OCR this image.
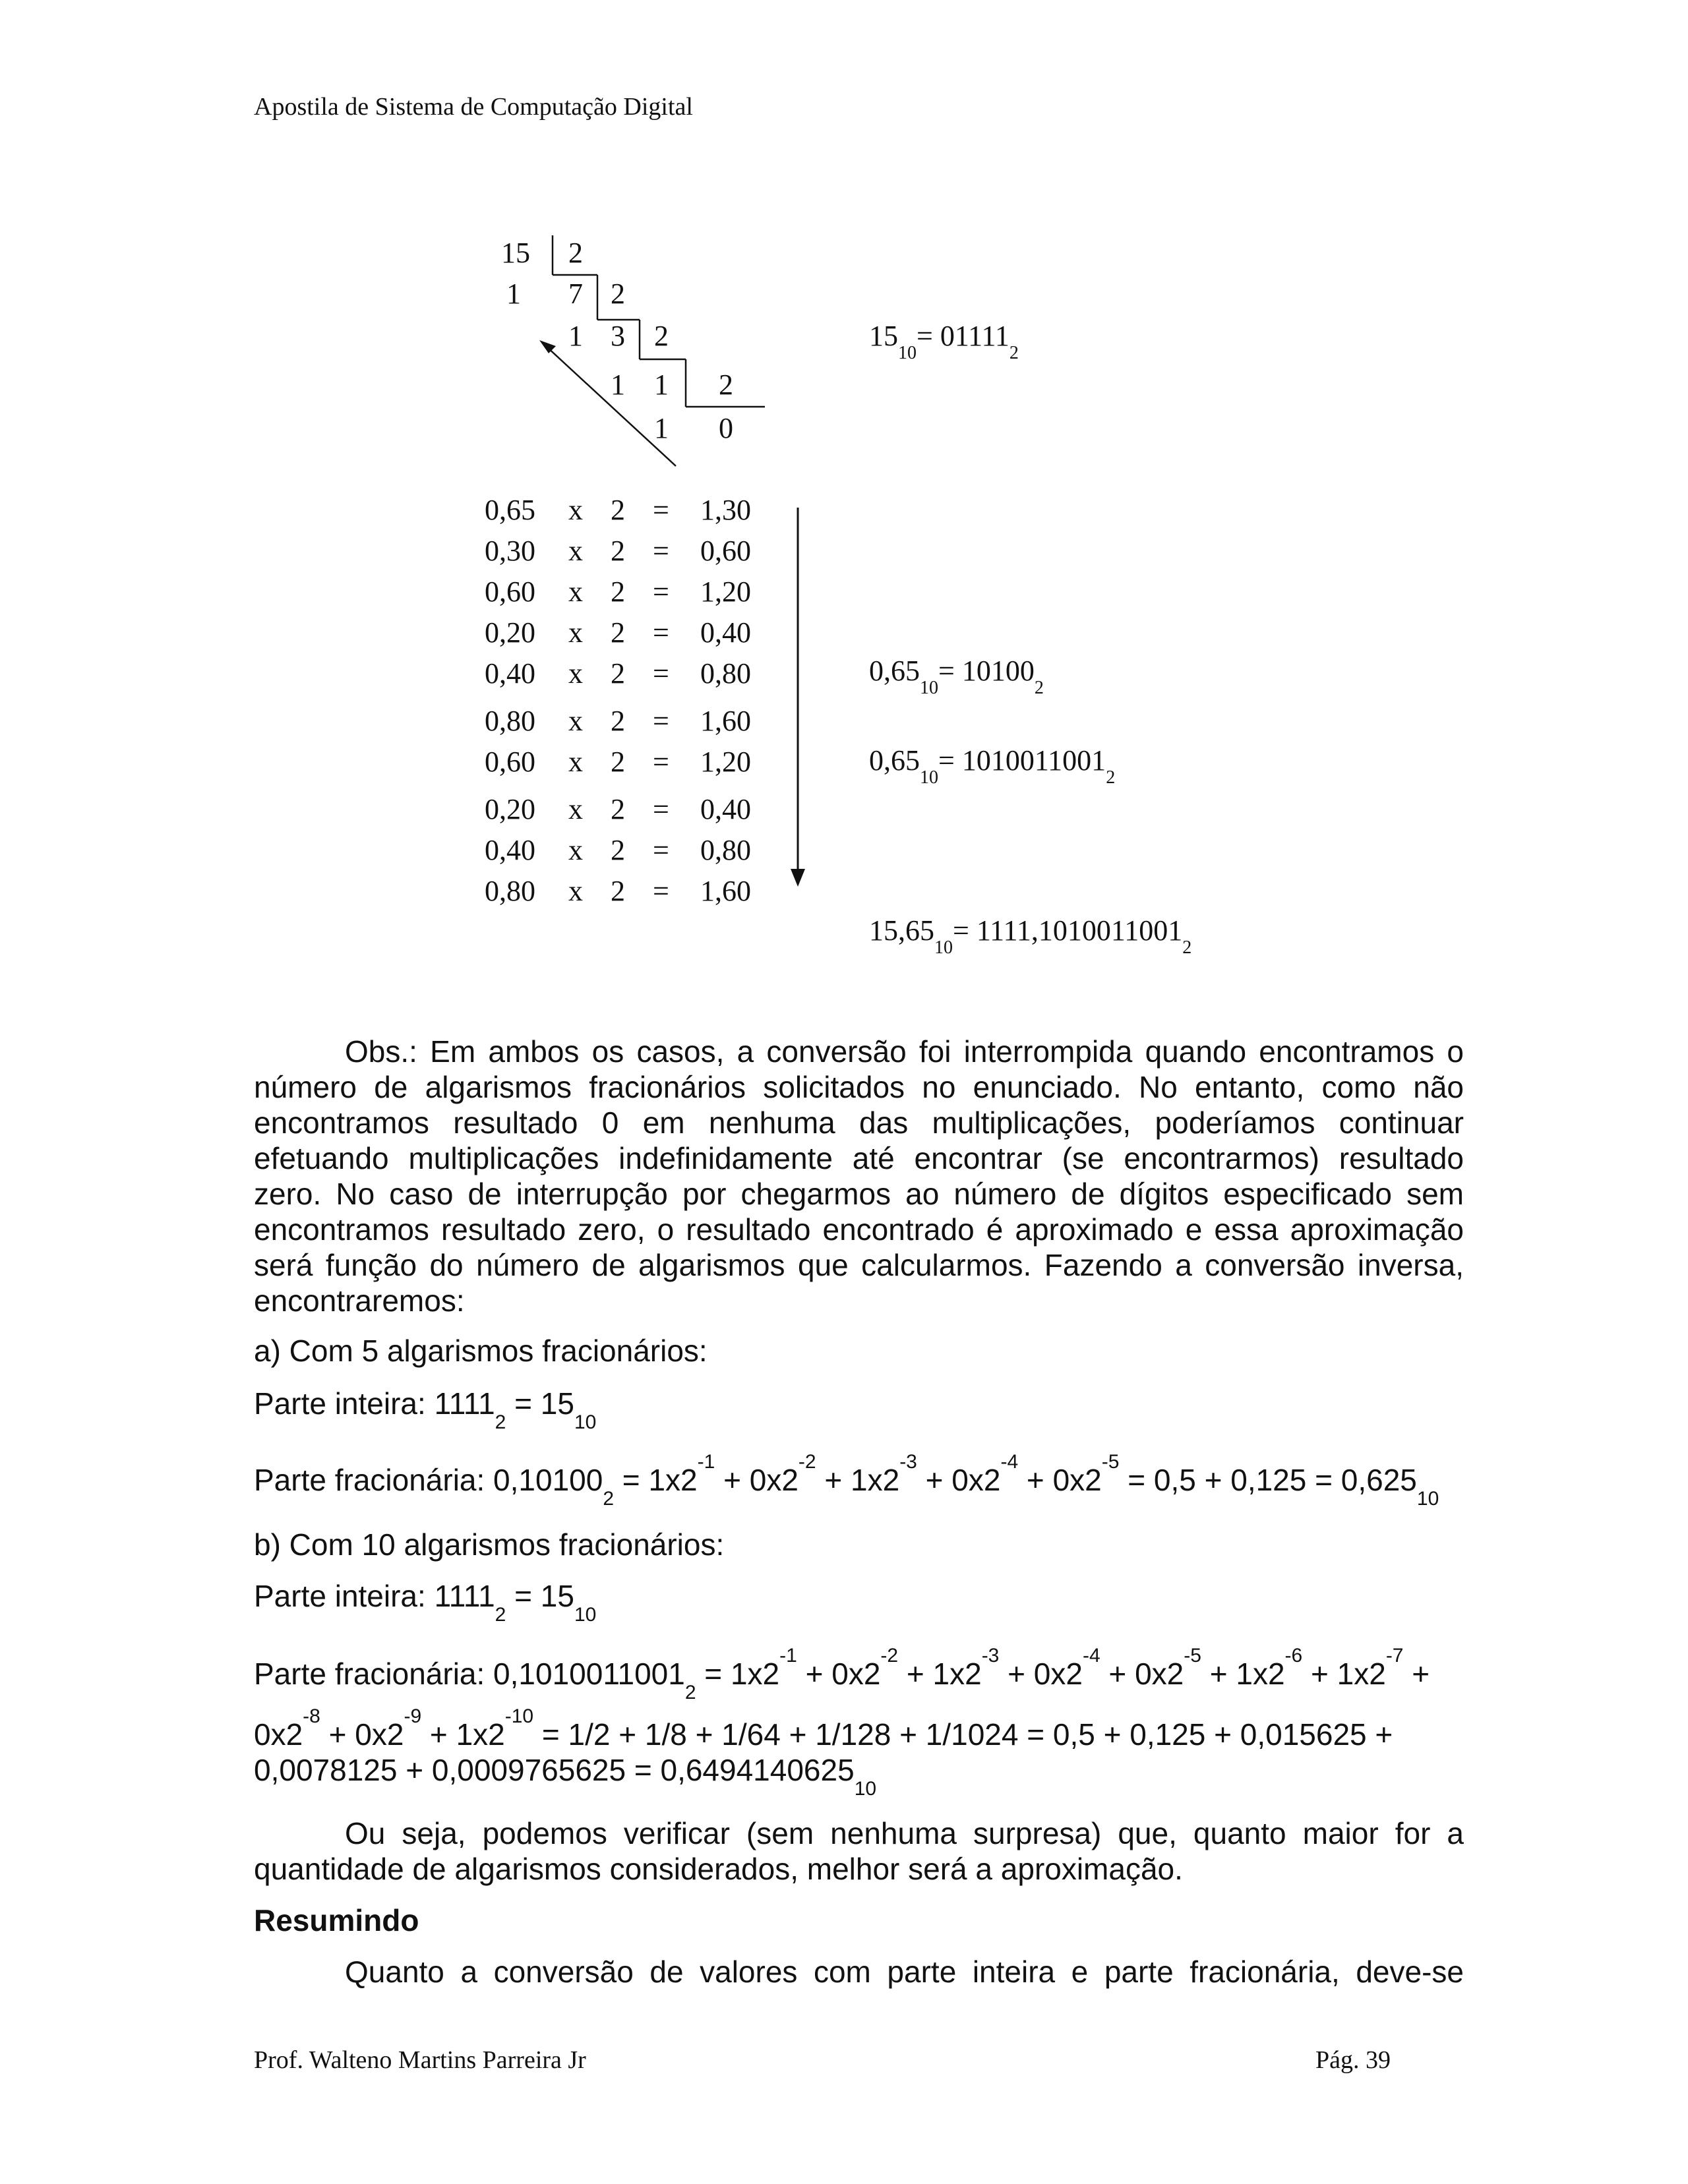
Apostila de Sistema de Computação Digital
15 2
1 7 2
1 3 2
1 1 2
1 0
$15_{10}= 01111_2$
0,65 x 2 = 1,30
0,30 x 2 = 0,60
0,60 x 2 = 1,20
0,20 x 2 = 0,40
0,40 x 2 = 0,80
0,80 x 2 = 1,60
0,60 x 2 = 1,20
0,20 x 2 = 0,40
0,40 x 2 = 0,80
0,80 x 2 = 1,60
$0,65_{10}= 10100_2$
$0,65_{10}= 1010011001_2$
$15,65_{10}= 1111,1010011001_2$
Obs.: Em ambos os casos, a conversão foi interrompida quando encontramos o
número de algarismos fracionários solicitados no enunciado. No entanto, como não
encontramos resultado 0 em nenhuma das multiplicações, poderíamos continuar
efetuando multiplicações indefinidamente até encontrar (se encontrarmos) resultado
zero. No caso de interrupção por chegarmos ao número de dígitos especificado sem
encontramos resultado zero, o resultado encontrado é aproximado e essa aproximação
será função do número de algarismos que calcularmos. Fazendo a conversão inversa,
encontraremos:
a) Com 5 algarismos fracionários:
Parte inteira: $1111_2 = 15_{10}$
Parte fracionária: $0,10100_2 = 1x2^{-1} + 0x2^{-2} + 1x2^{-3} + 0x2^{-4} + 0x2^{-5} = 0,5 + 0,125 = 0,625_{10}$
b) Com 10 algarismos fracionários:
Parte inteira: $1111_2 = 15_{10}$
Parte fracionária: $0,1010011001_2 = 1x2^{-1} + 0x2^{-2} + 1x2^{-3} + 0x2^{-4} + 0x2^{-5} + 1x2^{-6} + 1x2^{-7}$ +
$0x2^{-8} + 0x2^{-9} + 1x2^{-10} = 1/2 + 1/8 + 1/64 + 1/128 + 1/1024 = 0,5 + 0,125 + 0,015625$ +
$0,0078125 + 0,0009765625 = 0,6494140625_{10}$
Ou seja, podemos verificar (sem nenhuma surpresa) que, quanto maior for a
quantidade de algarismos considerados, melhor será a aproximação.
Resumindo
Quanto a conversão de valores com parte inteira e parte fracionária, deve-se
Prof. Walteno Martins Parreira Jr	Pág. 39
